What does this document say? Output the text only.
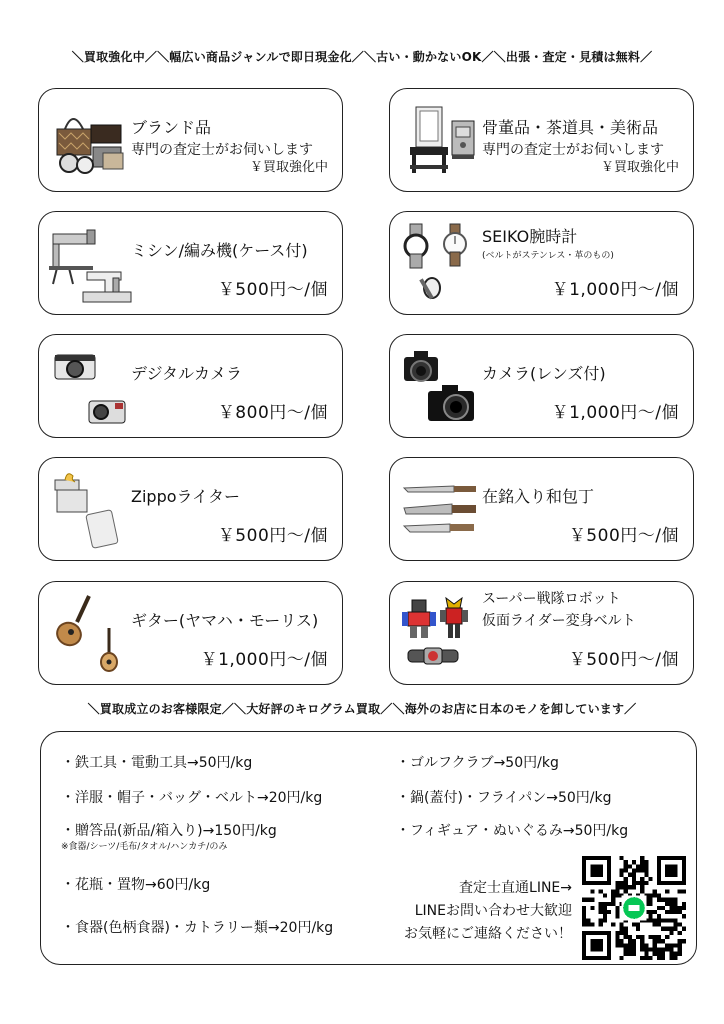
＼買取強化中／＼幅広い商品ジャンルで即日現金化／＼古い・動かないOK／＼出張・査定・見積は無料／
ブランド品
専門の査定士がお伺いします
￥買取強化中
骨董品・茶道具・美術品
専門の査定士がお伺いします
￥買取強化中
ミシン/編み機(ケース付)
￥500円〜/個
SEIKO腕時計
(ベルトがステンレス・革のもの)
￥1,000円〜/個
デジタルカメラ
￥800円〜/個
カメラ(レンズ付)
￥1,000円〜/個
Zippoライター
￥500円〜/個
在銘入り和包丁
￥500円〜/個
ギター(ヤマハ・モーリス)
￥1,000円〜/個
スーパー戦隊ロボット
仮面ライダー変身ベルト
￥500円〜/個
＼買取成立のお客様限定／＼大好評のキログラム買取／＼海外のお店に日本のモノを卸しています／
・鉄工具・電動工具→50円/kg
・洋服・帽子・バッグ・ベルト→20円/kg
・贈答品(新品/箱入り)→150円/kg
※食器/シーツ/毛布/タオル/ハンカチ/のみ
・花瓶・置物→60円/kg
・食器(色柄食器)・カトラリー類→20円/kg
・ゴルフクラブ→50円/kg
・鍋(蓋付)・フライパン→50円/kg
・フィギュア・ぬいぐるみ→50円/kg
査定士直通LINE→
LINEお問い合わせ大歓迎
お気軽にご連絡ください！
